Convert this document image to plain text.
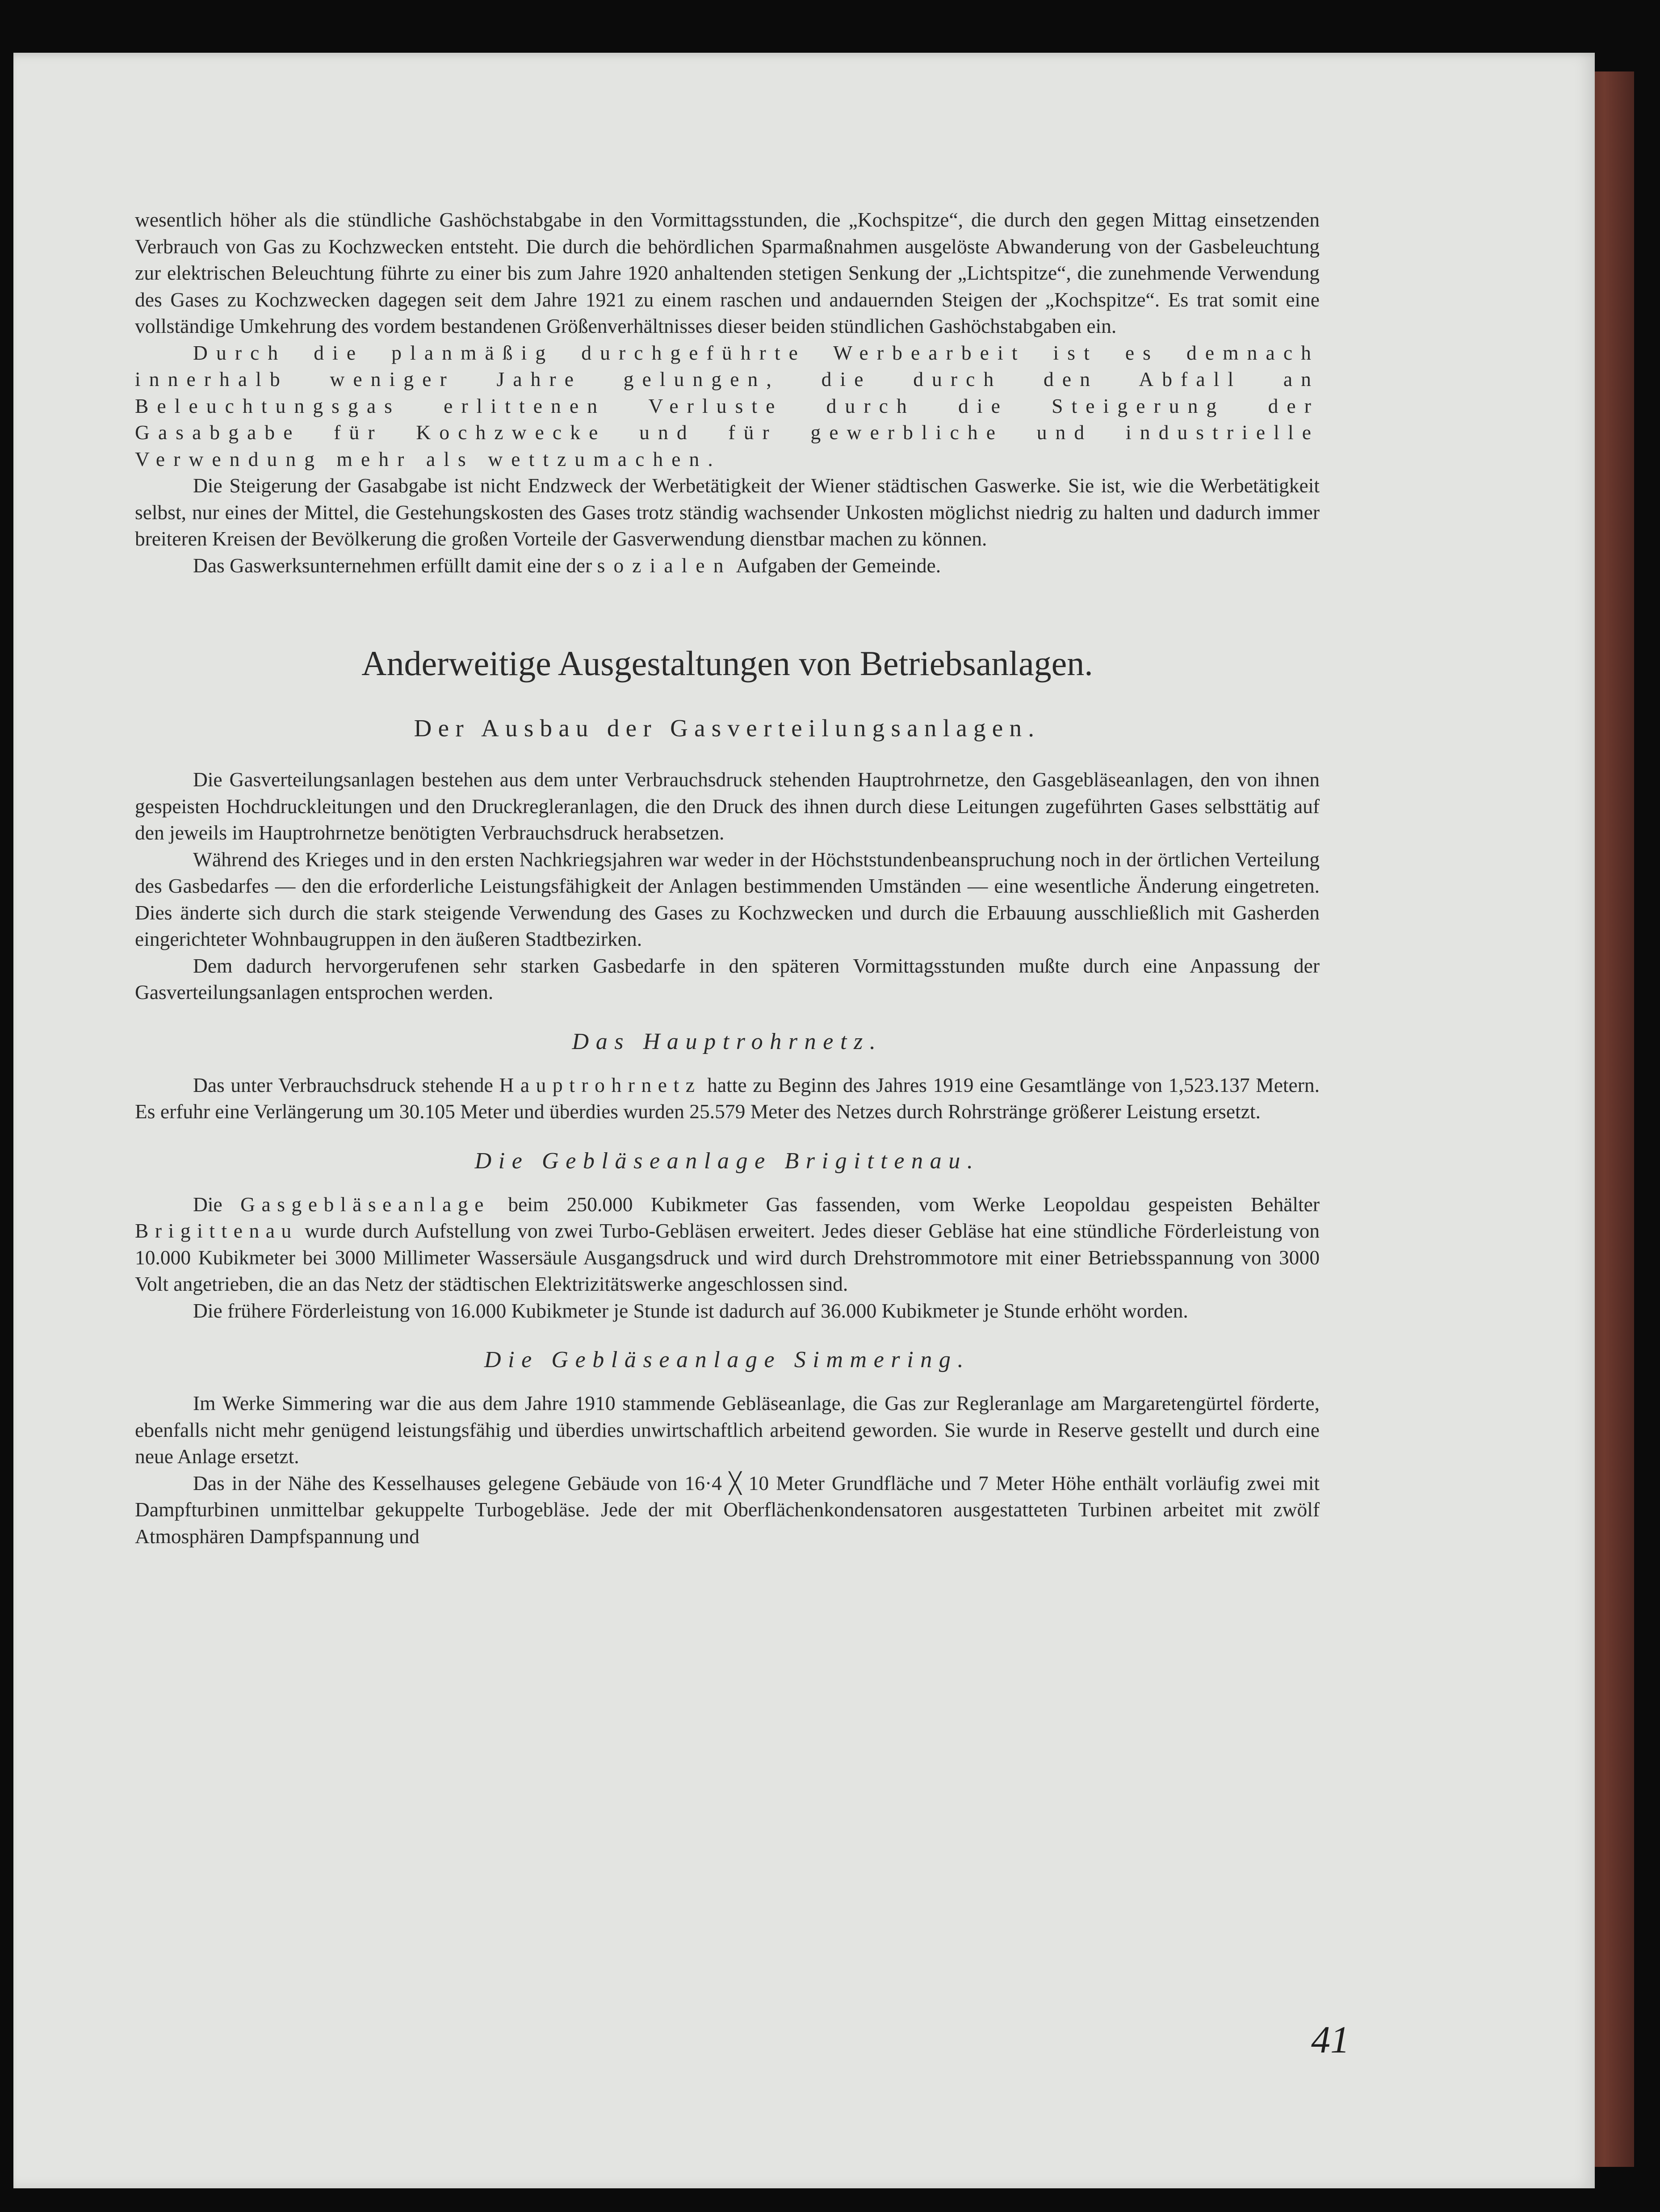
wesentlich höher als die stündliche Gashöchstabgabe in den Vormittagsstunden, die „Kochspitze“, die durch den gegen Mittag einsetzenden Verbrauch von Gas zu Kochzwecken entsteht. Die durch die behördlichen Sparmaßnahmen ausgelöste Abwanderung von der Gasbeleuchtung zur elektrischen Beleuchtung führte zu einer bis zum Jahre 1920 anhaltenden stetigen Senkung der „Lichtspitze“, die zunehmende Verwendung des Gases zu Kochzwecken dagegen seit dem Jahre 1921 zu einem raschen und andauernden Steigen der „Kochspitze“. Es trat somit eine vollständige Umkehrung des vordem bestandenen Größenverhältnisses dieser beiden stündlichen Gashöchstabgaben ein.

Durch die planmäßig durchgeführte Werbearbeit ist es demnach innerhalb weniger Jahre gelungen, die durch den Abfall an Beleuchtungsgas erlittenen Verluste durch die Steigerung der Gasabgabe für Kochzwecke und für gewerbliche und industrielle Verwendung mehr als wettzumachen.

Die Steigerung der Gasabgabe ist nicht Endzweck der Werbetätigkeit der Wiener städtischen Gaswerke. Sie ist, wie die Werbetätigkeit selbst, nur eines der Mittel, die Gestehungskosten des Gases trotz ständig wachsender Unkosten möglichst niedrig zu halten und dadurch immer breiteren Kreisen der Bevölkerung die großen Vorteile der Gasverwendung dienstbar machen zu können.

Das Gaswerksunternehmen erfüllt damit eine der sozialen Aufgaben der Gemeinde.

Anderweitige Ausgestaltungen von Betriebsanlagen.
Der Ausbau der Gasverteilungsanlagen.

Die Gasverteilungsanlagen bestehen aus dem unter Verbrauchsdruck stehenden Hauptrohrnetze, den Gasgebläseanlagen, den von ihnen gespeisten Hochdruckleitungen und den Druckregleranlagen, die den Druck des ihnen durch diese Leitungen zugeführten Gases selbsttätig auf den jeweils im Hauptrohrnetze benötigten Verbrauchsdruck herabsetzen.

Während des Krieges und in den ersten Nachkriegsjahren war weder in der Höchststundenbeanspruchung noch in der örtlichen Verteilung des Gasbedarfes — den die erforderliche Leistungsfähigkeit der Anlagen bestimmenden Umständen — eine wesentliche Änderung eingetreten. Dies änderte sich durch die stark steigende Verwendung des Gases zu Kochzwecken und durch die Erbauung ausschließlich mit Gasherden eingerichteter Wohnbaugruppen in den äußeren Stadtbezirken.

Dem dadurch hervorgerufenen sehr starken Gasbedarfe in den späteren Vormittagsstunden mußte durch eine Anpassung der Gasverteilungsanlagen entsprochen werden.

Das Hauptrohrnetz.

Das unter Verbrauchsdruck stehende Hauptrohrnetz hatte zu Beginn des Jahres 1919 eine Gesamtlänge von 1,523.137 Metern. Es erfuhr eine Verlängerung um 30.105 Meter und überdies wurden 25.579 Meter des Netzes durch Rohrstränge größerer Leistung ersetzt.

Die Gebläseanlage Brigittenau.

Die Gasgebläseanlage beim 250.000 Kubikmeter Gas fassenden, vom Werke Leopoldau gespeisten Behälter Brigittenau wurde durch Aufstellung von zwei Turbo-Gebläsen erweitert. Jedes dieser Gebläse hat eine stündliche Förderleistung von 10.000 Kubikmeter bei 3000 Millimeter Wassersäule Ausgangsdruck und wird durch Drehstrommotore mit einer Betriebsspannung von 3000 Volt angetrieben, die an das Netz der städtischen Elektrizitätswerke angeschlossen sind.

Die frühere Förderleistung von 16.000 Kubikmeter je Stunde ist dadurch auf 36.000 Kubikmeter je Stunde erhöht worden.

Die Gebläseanlage Simmering.

Im Werke Simmering war die aus dem Jahre 1910 stammende Gebläseanlage, die Gas zur Regleranlage am Margaretengürtel förderte, ebenfalls nicht mehr genügend leistungsfähig und überdies unwirtschaftlich arbeitend geworden. Sie wurde in Reserve gestellt und durch eine neue Anlage ersetzt.

Das in der Nähe des Kesselhauses gelegene Gebäude von 16·4 ╳ 10 Meter Grundfläche und 7 Meter Höhe enthält vorläufig zwei mit Dampfturbinen unmittelbar gekuppelte Turbogebläse. Jede der mit Oberflächenkondensatoren ausgestatteten Turbinen arbeitet mit zwölf Atmosphären Dampfspannung und

41
